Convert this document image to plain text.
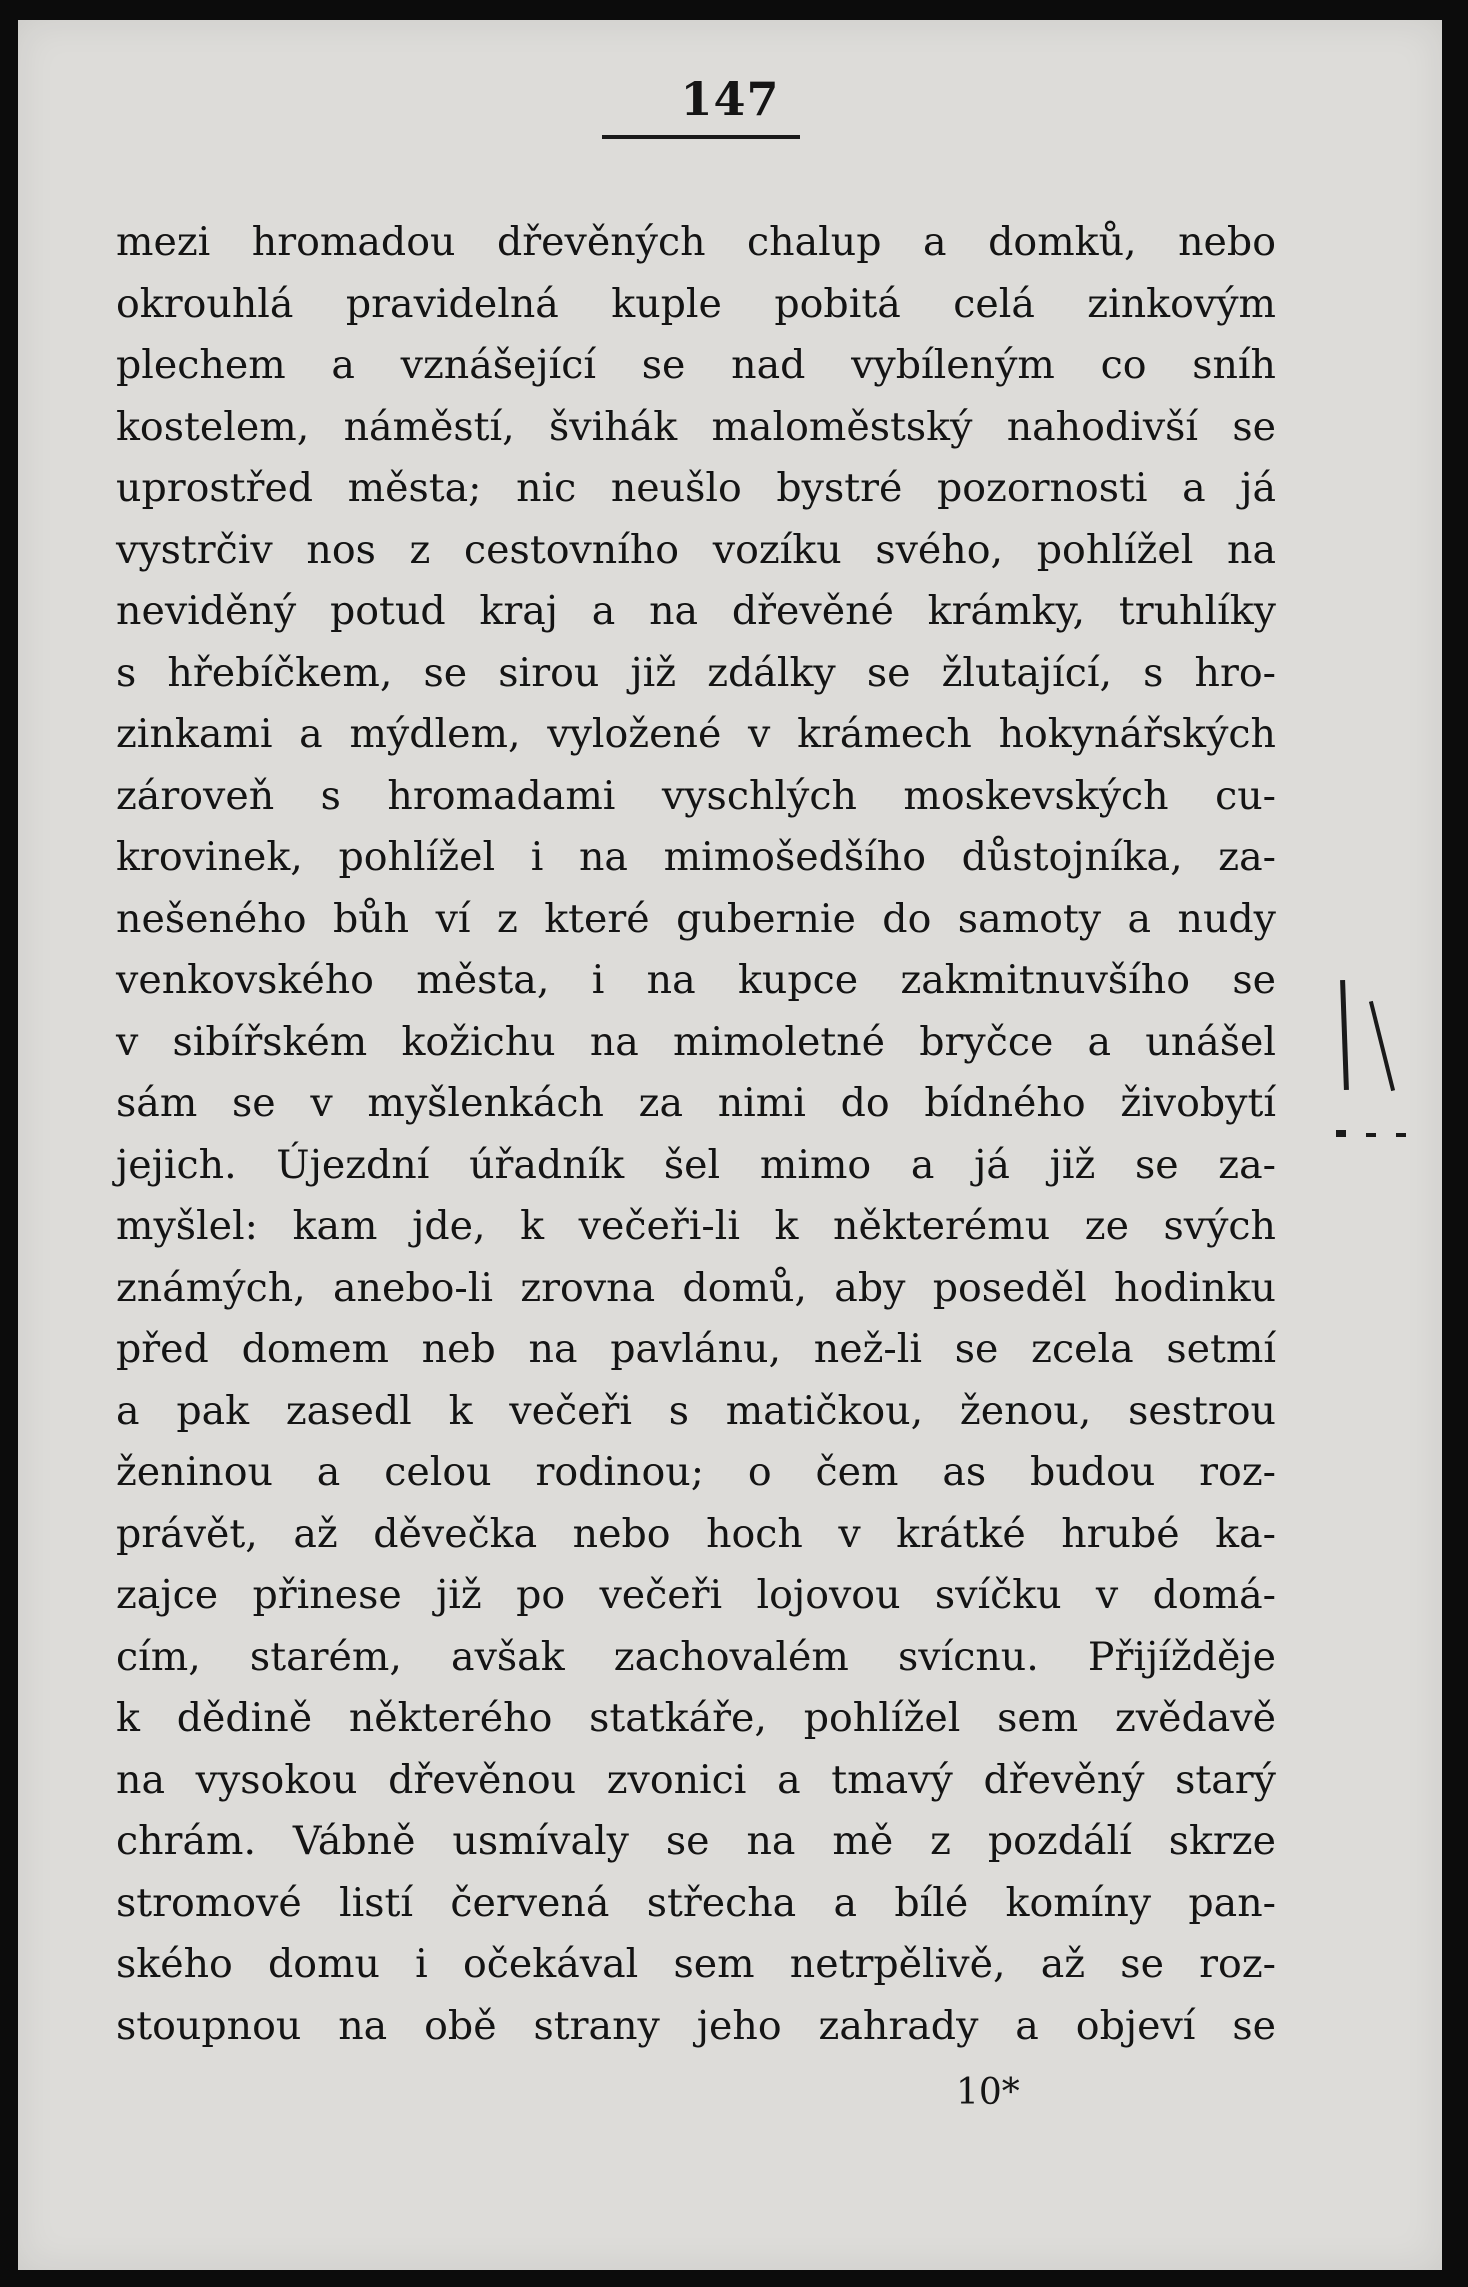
147
mezi hromadou dřevěných chalup a domků, nebo
okrouhlá pravidelná kuple pobitá celá zinkovým
plechem a vznášející se nad vybíleným co sníh
kostelem, náměstí, švihák maloměstský nahodivší se
uprostřed města; nic neušlo bystré pozornosti a já
vystrčiv nos z cestovního vozíku svého, pohlížel na
neviděný potud kraj a na dřevěné krámky, truhlíky
s hřebíčkem, se sirou již zdálky se žlutající, s hro-
zinkami a mýdlem, vyložené v krámech hokynářských
zároveň s hromadami vyschlých moskevských cu-
krovinek, pohlížel i na mimošedšího důstojníka, za-
nešeného bůh ví z které gubernie do samoty a nudy
venkovského města, i na kupce zakmitnuvšího se
v sibířském kožichu na mimoletné bryčce a unášel
sám se v myšlenkách za nimi do bídného živobytí
jejich. Újezdní úřadník šel mimo a já již se za-
myšlel: kam jde, k večeři-li k některému ze svých
známých, anebo-li zrovna domů, aby poseděl hodinku
před domem neb na pavlánu, než-li se zcela setmí
a pak zasedl k večeři s matičkou, ženou, sestrou
ženinou a celou rodinou; o čem as budou roz-
právět, až děvečka nebo hoch v krátké hrubé ka-
zajce přinese již po večeři lojovou svíčku v domá-
cím, starém, avšak zachovalém svícnu. Přijížděje
k dědině některého statkáře, pohlížel sem zvědavě
na vysokou dřevěnou zvonici a tmavý dřevěný starý
chrám. Vábně usmívaly se na mě z pozdálí skrze
stromové listí červená střecha a bílé komíny pan-
ského domu i očekával sem netrpělivě, až se roz-
stoupnou na obě strany jeho zahrady a objeví se
10*
